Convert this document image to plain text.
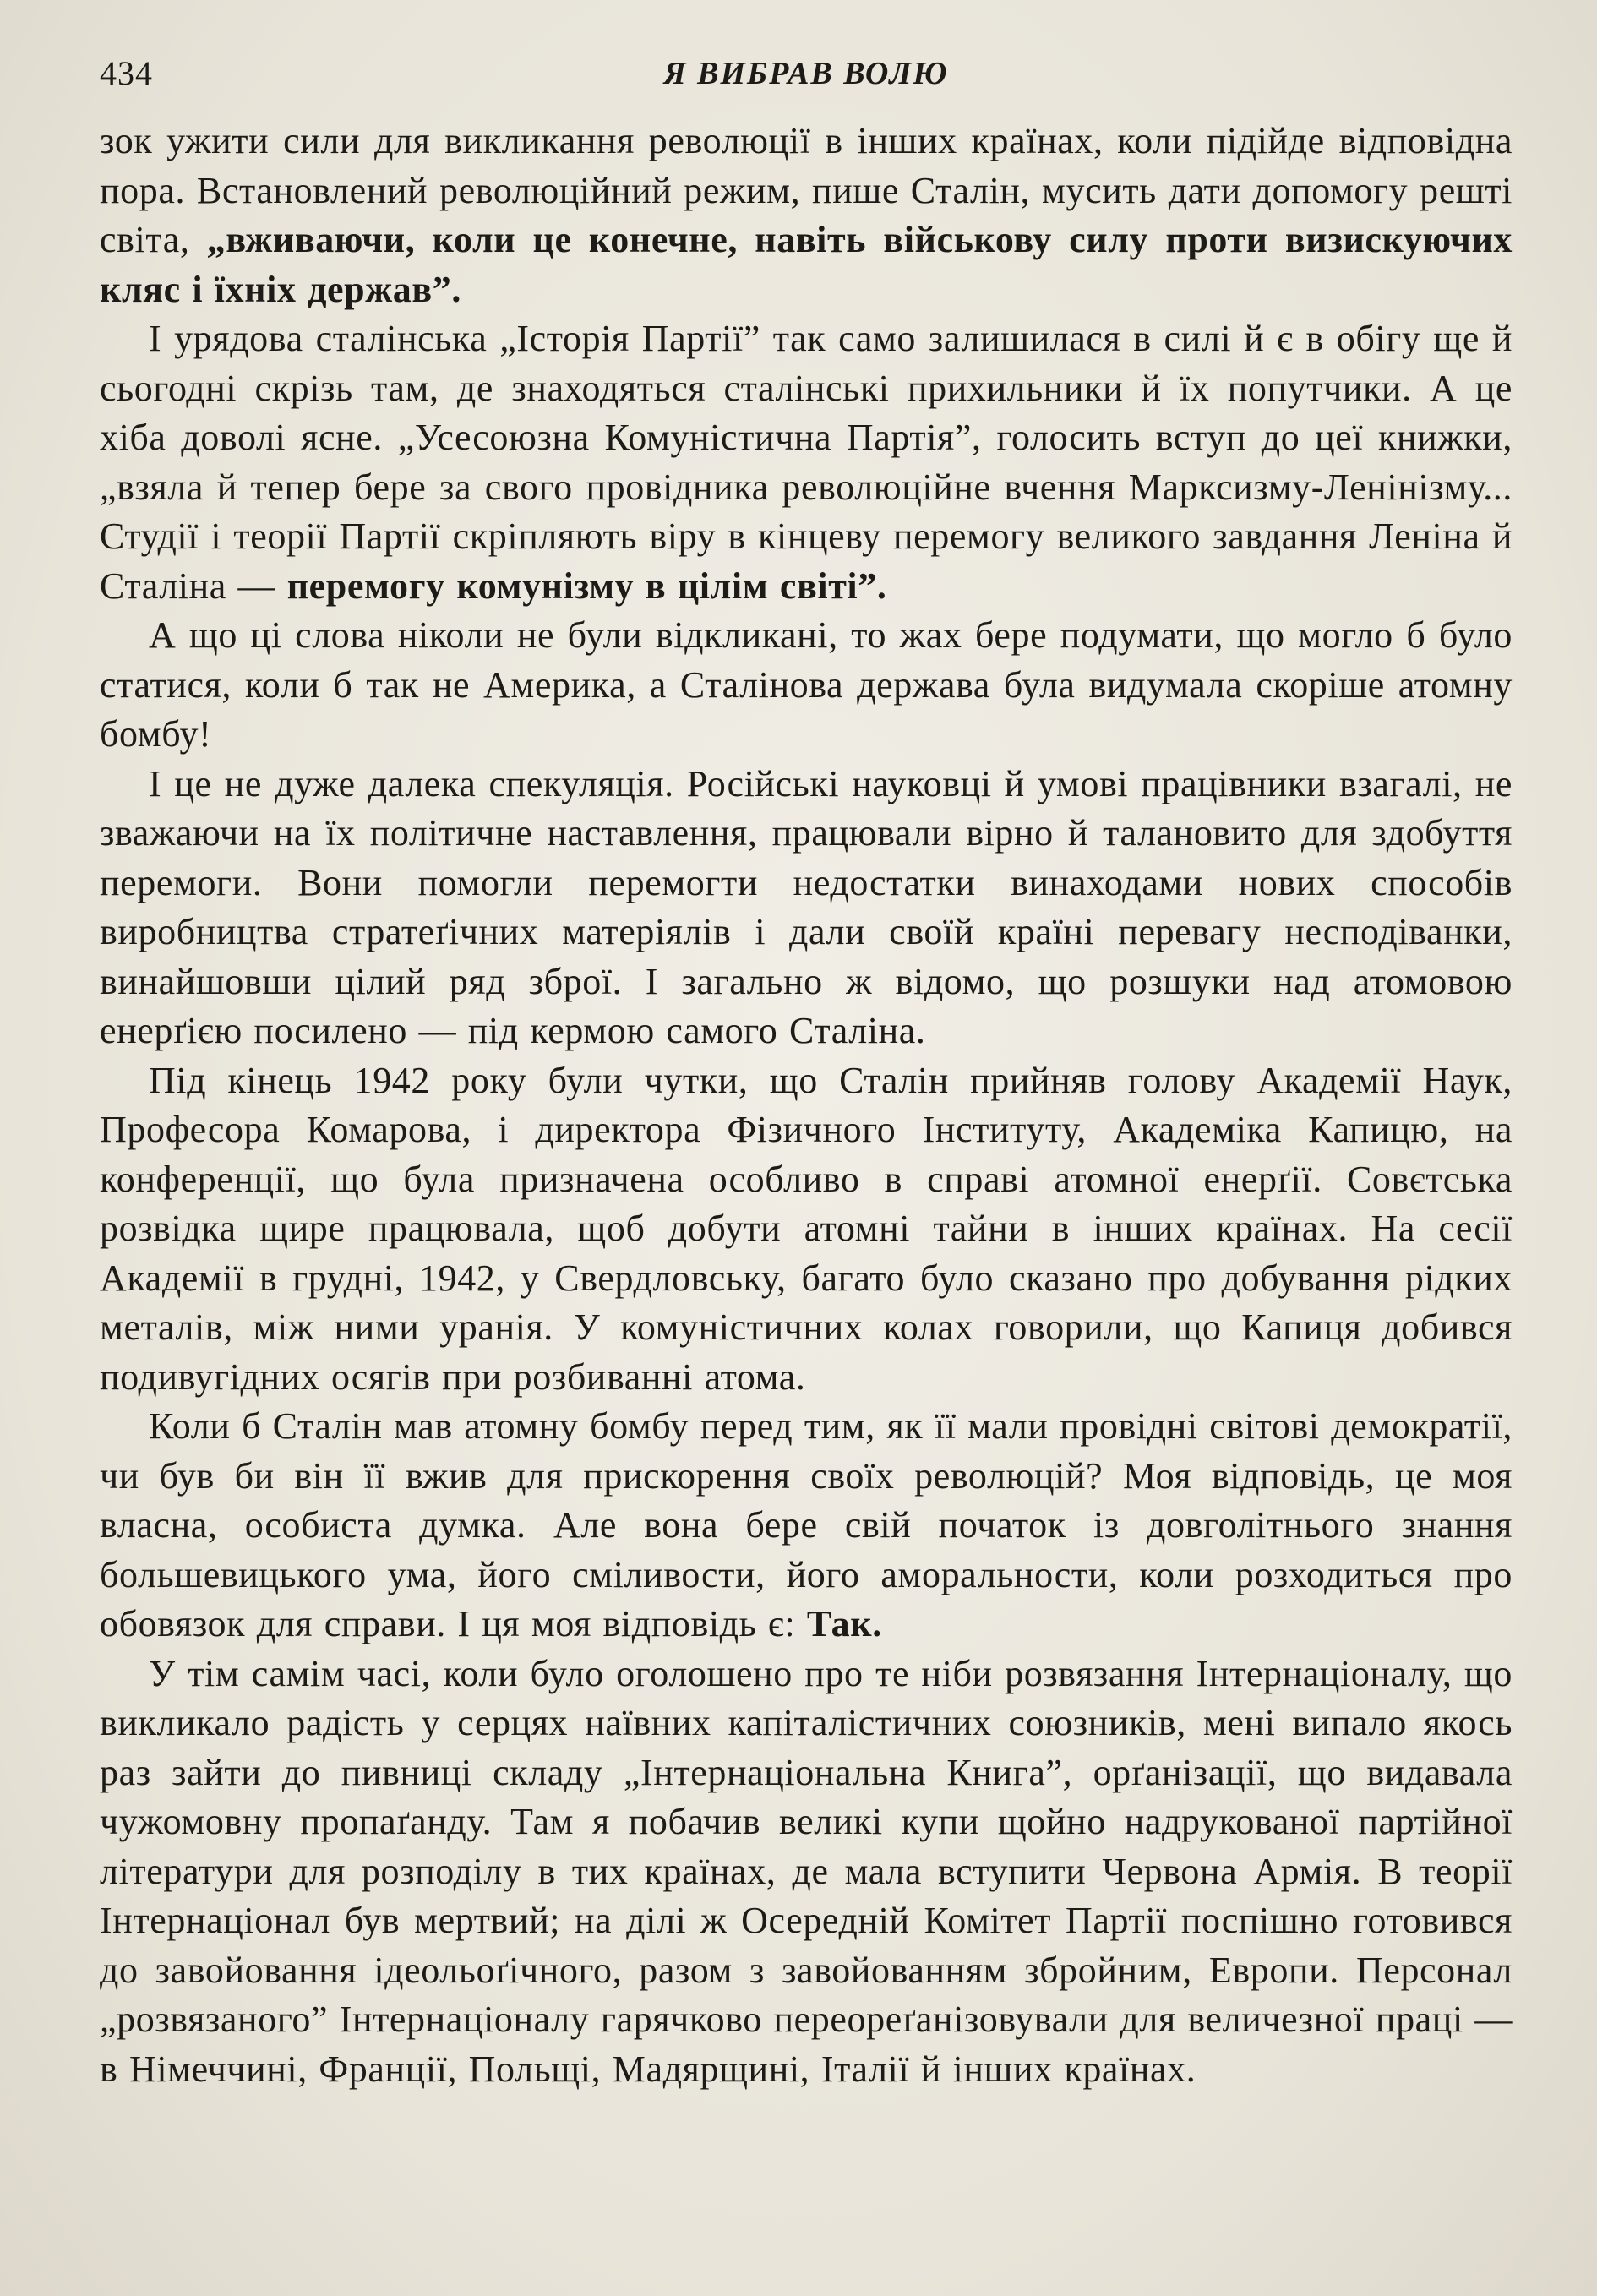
434	Я ВИБРАВ ВОЛЮ

зок ужити сили для викликання революції в інших країнах, коли підійде відповідна пора. Встановлений революційний режим, пише Сталін, мусить дати допомогу решті світа, „вживаючи, коли це конечне, навіть військову силу проти визискуючих кляс і їхніх держав”.

І урядова сталінська „Історія Партії” так само залишилася в силі й є в обігу ще й сьогодні скрізь там, де знаходяться сталінські прихильники й їх попутчики. А це хіба доволі ясне. „Усесоюзна Комуністична Партія”, голосить вступ до цеї книжки, „взяла й тепер бере за свого провідника революційне вчення Марксизму-Ленінізму... Студії і теорії Партії скріпляють віру в кінцеву перемогу великого завдання Леніна й Сталіна — перемогу комунізму в цілім світі”.

А що ці слова ніколи не були відкликані, то жах бере подумати, що могло б було статися, коли б так не Америка, а Сталінова держава була видумала скоріше атомну бомбу!

І це не дуже далека спекуляція. Російські науковці й умові працівники взагалі, не зважаючи на їх політичне наставлення, працювали вірно й талановито для здобуття перемоги. Вони помогли перемогти недостатки винаходами нових способів виробництва стратеґічних матеріялів і дали своїй країні перевагу несподіванки, винайшовши цілий ряд зброї. І загально ж відомо, що розшуки над атомовою енерґією посилено — під кермою самого Сталіна.

Під кінець 1942 року були чутки, що Сталін прийняв голову Академії Наук, Професора Комарова, і директора Фізичного Інституту, Академіка Капицю, на конференції, що була призначена особливо в справі атомної енерґії. Совєтська розвідка щире працювала, щоб добути атомні тайни в інших країнах. На сесії Академії в грудні, 1942, у Свердловську, багато було сказано про добування рідких металів, між ними уранія. У комуністичних колах говорили, що Капиця добився подивугідних осягів при розбиванні атома.

Коли б Сталін мав атомну бомбу перед тим, як її мали провідні світові демократії, чи був би він її вжив для прискорення своїх революцій? Моя відповідь, це моя власна, особиста думка. Але вона бере свій початок із довголітнього знання большевицького ума, його сміливости, його аморальности, коли розходиться про обовязок для справи. І ця моя відповідь є: Так.

У тім самім часі, коли було оголошено про те ніби розвязання Інтернаціоналу, що викликало радість у серцях наївних капіталістичних союзників, мені випало якось раз зайти до пивниці складу „Інтернаціональна Книга”, орґанізації, що видавала чужомовну пропаґанду. Там я побачив великі купи щойно надрукованої партійної літератури для розподілу в тих країнах, де мала вступити Червона Армія. В теорії Інтернаціонал був мертвий; на ділі ж Осередній Комітет Партії поспішно готовився до завойовання ідеольоґічного, разом з завойованням збройним, Европи. Персонал „розвязаного” Інтернаціоналу гарячково переореґанізовували для величезної праці — в Німеччині, Франції, Польщі, Мадярщині, Італії й інших країнах.
